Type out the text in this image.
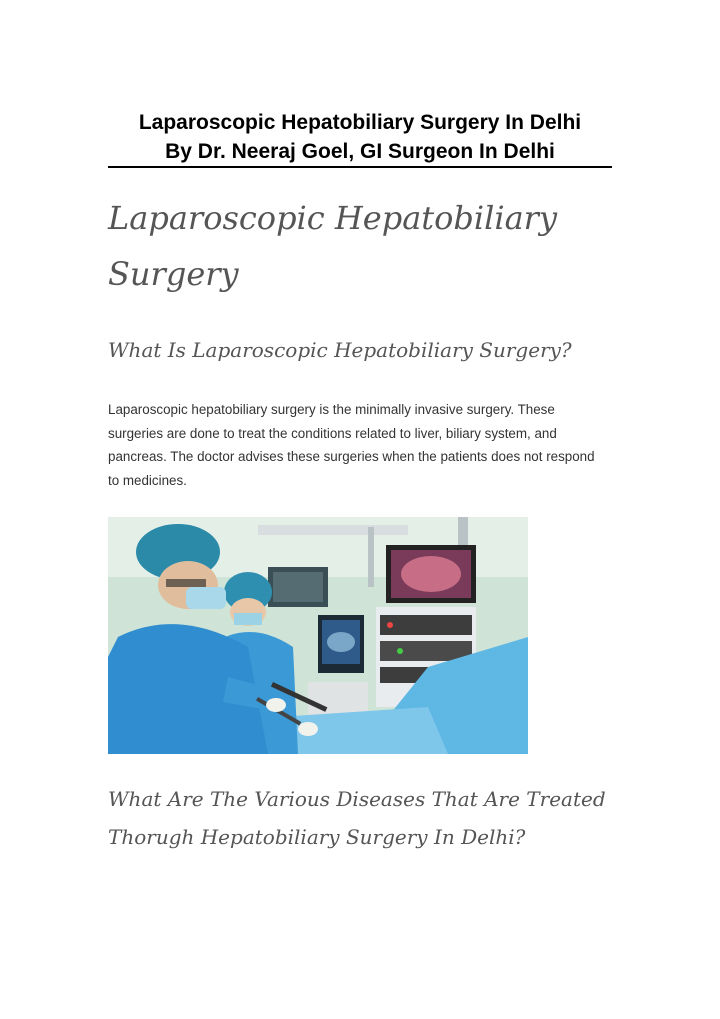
Laparoscopic Hepatobiliary Surgery In Delhi
By Dr. Neeraj Goel, GI Surgeon In Delhi
Laparoscopic Hepatobiliary Surgery
What Is Laparoscopic Hepatobiliary Surgery?

Laparoscopic hepatobiliary surgery is the minimally invasive surgery. These surgeries are done to treat the conditions related to liver, biliary system, and pancreas. The doctor advises these surgeries when the patients does not respond to medicines.

What Are The Various Diseases That Are Treated Thorugh Hepatobiliary Surgery In Delhi?
